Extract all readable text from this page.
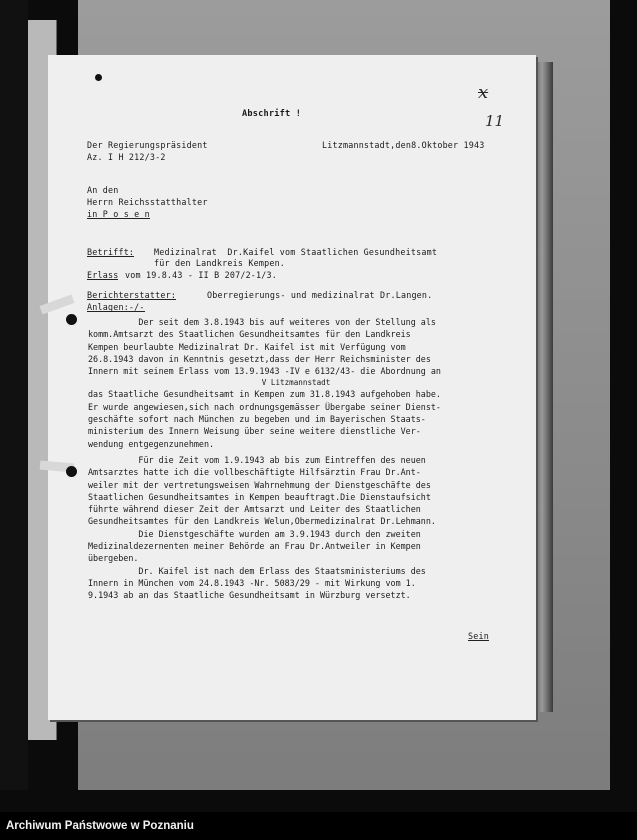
Abschrift !
x
11
Der Regierungspräsident
Az. I H 212/3-2
Litzmannstadt,den8.Oktober 1943
An den
Herrn Reichsstatthalter
in P o s e n
Betrifft: Medizinalrat  Dr.Kaifel vom Staatlichen Gesundheitsamt
für den Landkreis Kempen.
Erlass vom 19.8.43 - II B 207/2-1/3.
Berichterstatter:	Oberregierungs- und medizinalrat Dr.Langen.
Anlagen:-/-
Der seit dem 3.8.1943 bis auf weiteres von der Stellung als
komm.Amtsarzt des Staatlichen Gesundheitsamtes für den Landkreis
Kempen beurlaubte Medizinalrat Dr. Kaifel ist mit Verfügung vom
26.8.1943 davon in Kenntnis gesetzt,dass der Herr Reichsminister des
Innern mit seinem Erlass vom 13.9.1943 -IV e 6132/43- die Abordnung an
V Litzmannstadt
das Staatliche Gesundheitsamt in Kempen zum 31.8.1943 aufgehoben habe.
Er wurde angewiesen,sich nach ordnungsgemässer Übergabe seiner Dienst-
geschäfte sofort nach München zu begeben und im Bayerischen Staats-
ministerium des Innern Weisung über seine weitere dienstliche Ver-
wendung entgegenzunehmen.
Für die Zeit vom 1.9.1943 ab bis zum Eintreffen des neuen
Amtsarztes hatte ich die vollbeschäftigte Hilfsärztin Frau Dr.Ant-
weiler mit der vertretungsweisen Wahrnehmung der Dienstgeschäfte des
Staatlichen Gesundheitsamtes in Kempen beauftragt.Die Dienstaufsicht
führte während dieser Zeit der Amtsarzt und Leiter des Staatlichen
Gesundheitsamtes für den Landkreis Welun,Obermedizinalrat Dr.Lehmann.
Die Dienstgeschäfte wurden am 3.9.1943 durch den zweiten
Medizinaldezernenten meiner Behörde an Frau Dr.Antweiler in Kempen
übergeben.
Dr. Kaifel ist nach dem Erlass des Staatsministeriums des
Innern in München vom 24.8.1943 -Nr. 5083/29 - mit Wirkung vom 1.
9.1943 ab an das Staatliche Gesundheitsamt in Würzburg versetzt.
Sein
Archiwum Państwowe w Poznaniu
